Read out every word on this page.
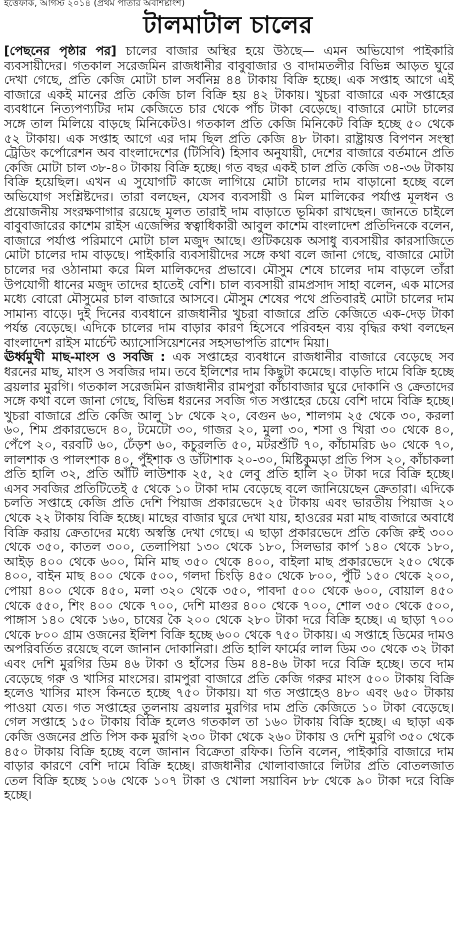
ইত্তেফাক, আগস্ট ২০১৪ (প্রথম পাতার অবশিষ্টাংশ)
টালমাটাল চালের

[পেছনের পৃষ্ঠার পর] চালের বাজার অস্থির হয়ে উঠছে— এমন অভিযোগ পাইকারি ব্যবসায়ীদের। গতকাল সরেজমিন রাজধানীর বাবুবাজার ও বাদামতলীর বিভিন্ন আড়ত ঘুরে দেখা গেছে, প্রতি কেজি মোটা চাল সর্বনিম্ন ৪৪ টাকায় বিক্রি হচ্ছে। এক সপ্তাহ আগে এই বাজারে একই মানের প্রতি কেজি চাল বিক্রি হয় ৪২ টাকায়। খুচরা বাজারে এক সপ্তাহের ব্যবধানে নিত্যপণ্যটির দাম কেজিতে চার থেকে পাঁচ টাকা বেড়েছে। বাজারে মোটা চালের সঙ্গে তাল মিলিয়ে বাড়ছে মিনিকেটও। গতকাল প্রতি কেজি মিনিকেট বিক্রি হচ্ছে ৫০ থেকে ৫২ টাকায়। এক সপ্তাহ আগে এর দাম ছিল প্রতি কেজি ৪৮ টাকা। রাষ্ট্রায়ত্ত বিপণন সংস্থা ট্রেডিং কর্পোরেশন অব বাংলাদেশের (টিসিবি) হিসাব অনুযায়ী, দেশের বাজারে বর্তমানে প্রতি কেজি মোটা চাল ৩৮-৪০ টাকায় বিক্রি হচ্ছে। গত বছর একই চাল প্রতি কেজি ৩৪-৩৬ টাকায় বিক্রি হয়েছিল। এখন এ সুযোগটি কাজে লাগিয়ে মোটা চালের দাম বাড়ানো হচ্ছে বলে অভিযোগ সংশ্লিষ্টদের। তারা বলছেন, যেসব ব্যবসায়ী ও মিল মালিকের পর্যাপ্ত মূলধন ও প্রয়োজনীয় সংরক্ষণাগার রয়েছে মূলত তারাই দাম বাড়াতে ভূমিকা রাখছেন। জানতে চাইলে বাবুবাজারের কাশেম রাইস এজেন্সির স্বত্বাধিকারী আবুল কাশেম বাংলাদেশ প্রতিদিনকে বলেন, বাজারে পর্যাপ্ত পরিমাণে মোটা চাল মজুদ আছে। গুটিকয়েক অসাধু ব্যবসায়ীর কারসাজিতে মোটা চালের দাম বাড়ছে। পাইকারি ব্যবসায়ীদের সঙ্গে কথা বলে জানা গেছে, বাজারে মোটা চালের দর ওঠানামা করে মিল মালিকদের প্রভাবে। মৌসুম শেষে চালের দাম বাড়লে তাঁরা উপযোগী ধানের মজুদ তাদের হাতেই বেশি। চাল ব্যবসায়ী রামপ্রসাদ সাহা বলেন, এক মাসের মধ্যে বোরো মৌসুমের চাল বাজারে আসবে। মৌসুম শেষের পথে প্রতিবারই মোটা চালের দাম সামান্য বাড়ে। দুই দিনের ব্যবধানে রাজধানীর খুচরা বাজারে প্রতি কেজিতে এক-দেড় টাকা পর্যন্ত বেড়েছে। এদিকে চালের দাম বাড়ার কারণ হিসেবে পরিবহন ব্যয় বৃদ্ধির কথা বলছেন বাংলাদেশ রাইস মার্চেন্ট অ্যাসোসিয়েশনের সহসভাপতি রাশেদ মিয়া।

ঊর্ধ্বমুখী মাছ-মাংস ও সবজি : এক সপ্তাহের ব্যবধানে রাজধানীর বাজারে বেড়েছে সব ধরনের মাছ, মাংস ও সবজির দাম। তবে ইলিশের দাম কিছুটা কমেছে। বাড়তি দামে বিক্রি হচ্ছে ব্রয়লার মুরগি। গতকাল সরেজমিন রাজধানীর রামপুরা কাঁচাবাজার ঘুরে দোকানি ও ক্রেতাদের সঙ্গে কথা বলে জানা গেছে, বিভিন্ন ধরনের সবজি গত সপ্তাহের চেয়ে বেশি দামে বিক্রি হচ্ছে। খুচরা বাজারে প্রতি কেজি আলু ১৮ থেকে ২০, বেগুন ৬০, শালগম ২৫ থেকে ৩০, করলা ৬০, শিম প্রকারভেদে ৪০, টমেটো ৩০, গাজর ২০, মুলা ৩০, শসা ও খিরা ৩০ থেকে ৪০, পেঁপে ২০, বরবটি ৬০, ঢেঁড়শ ৬০, কচুরলতি ৫০, মটরশুঁটি ৭০, কাঁচামরিচ ৬০ থেকে ৭০, লালশাক ও পালংশাক ৪০, পুঁইশাক ও ডাঁটাশাক ২০-৩০, মিষ্টিকুমড়া প্রতি পিস ২০, কাঁচাকলা প্রতি হালি ৩২, প্রতি আঁটি লাউশাক ২৫, ২৫ লেবু প্রতি হালি ২০ টাকা দরে বিক্রি হচ্ছে। এসব সবজির প্রতিটিতেই ৫ থেকে ১০ টাকা দাম বেড়েছে বলে জানিয়েছেন ক্রেতারা। এদিকে চলতি সপ্তাহে কেজি প্রতি দেশি পিয়াজ প্রকারভেদে ২৫ টাকায় এবং ভারতীয় পিয়াজ ২০ থেকে ২২ টাকায় বিক্রি হচ্ছে। মাছের বাজার ঘুরে দেখা যায়, হাওরের মরা মাছ বাজারে অবাধে বিক্রি করায় ক্রেতাদের মধ্যে অস্বস্তি দেখা গেছে। এ ছাড়া প্রকারভেদে প্রতি কেজি রুই ৩০০ থেকে ৩৫০, কাতল ৩০০, তেলাপিয়া ১৩০ থেকে ১৮০, সিলভার কার্প ১৪০ থেকে ১৮০, আইড় ৪০০ থেকে ৬০০, মিনি মাছ ৩৫০ থেকে ৪০০, বাইলা মাছ প্রকারভেদে ২৫০ থেকে ৪০০, বাইন মাছ ৪০০ থেকে ৫০০, গলদা চিংড়ি ৪৫০ থেকে ৮০০, পুঁটি ১৫০ থেকে ২০০, পোয়া ৪০০ থেকে ৪৫০, মলা ৩২০ থেকে ৩৫০, পাবদা ৫০০ থেকে ৬০০, বোয়াল ৪৫০ থেকে ৫৫০, শিং ৪০০ থেকে ৭০০, দেশি মাগুর ৪০০ থেকে ৭০০, শোল ৩৫০ থেকে ৫০০, পাঙ্গাস ১৪০ থেকে ১৬০, চাষের কৈ ২০০ থেকে ২৮০ টাকা দরে বিক্রি হচ্ছে। এ ছাড়া ৭০০ থেকে ৮০০ গ্রাম ওজনের ইলিশ বিক্রি হচ্ছে ৬০০ থেকে ৭৫০ টাকায়। এ সপ্তাহে ডিমের দামও অপরিবর্তিত রয়েছে বলে জানান দোকানিরা। প্রতি হালি ফার্মের লাল ডিম ৩০ থেকে ৩২ টাকা এবং দেশি মুরগির ডিম ৪৬ টাকা ও হাঁসের ডিম ৪৪-৪৬ টাকা দরে বিক্রি হচ্ছে। তবে দাম বেড়েছে গরু ও খাসির মাংসের। রামপুরা বাজারে প্রতি কেজি গরুর মাংস ৫০০ টাকায় বিক্রি হলেও খাসির মাংস কিনতে হচ্ছে ৭৫০ টাকায়। যা গত সপ্তাহেও ৪৮০ এবং ৬৫০ টাকায় পাওয়া যেত। গত সপ্তাহের তুলনায় ব্রয়লার মুরগির দাম প্রতি কেজিতে ১০ টাকা বেড়েছে। গেল সপ্তাহে ১৫০ টাকায় বিক্রি হলেও গতকাল তা ১৬০ টাকায় বিক্রি হচ্ছে। এ ছাড়া এক কেজি ওজনের প্রতি পিস কক মুরগি ২৩০ টাকা থেকে ২৬০ টাকায় ও দেশি মুরগি ৩৫০ থেকে ৪৫০ টাকায় বিক্রি হচ্ছে বলে জানান বিক্রেতা রফিক। তিনি বলেন, পাইকারি বাজারে দাম বাড়ার কারণে বেশি দামে বিক্রি হচ্ছে। রাজধানীর খোলাবাজারে লিটার প্রতি বোতলজাত তেল বিক্রি হচ্ছে ১০৬ থেকে ১০৭ টাকা ও খোলা সয়াবিন ৮৮ থেকে ৯০ টাকা দরে বিক্রি হচ্ছে।
